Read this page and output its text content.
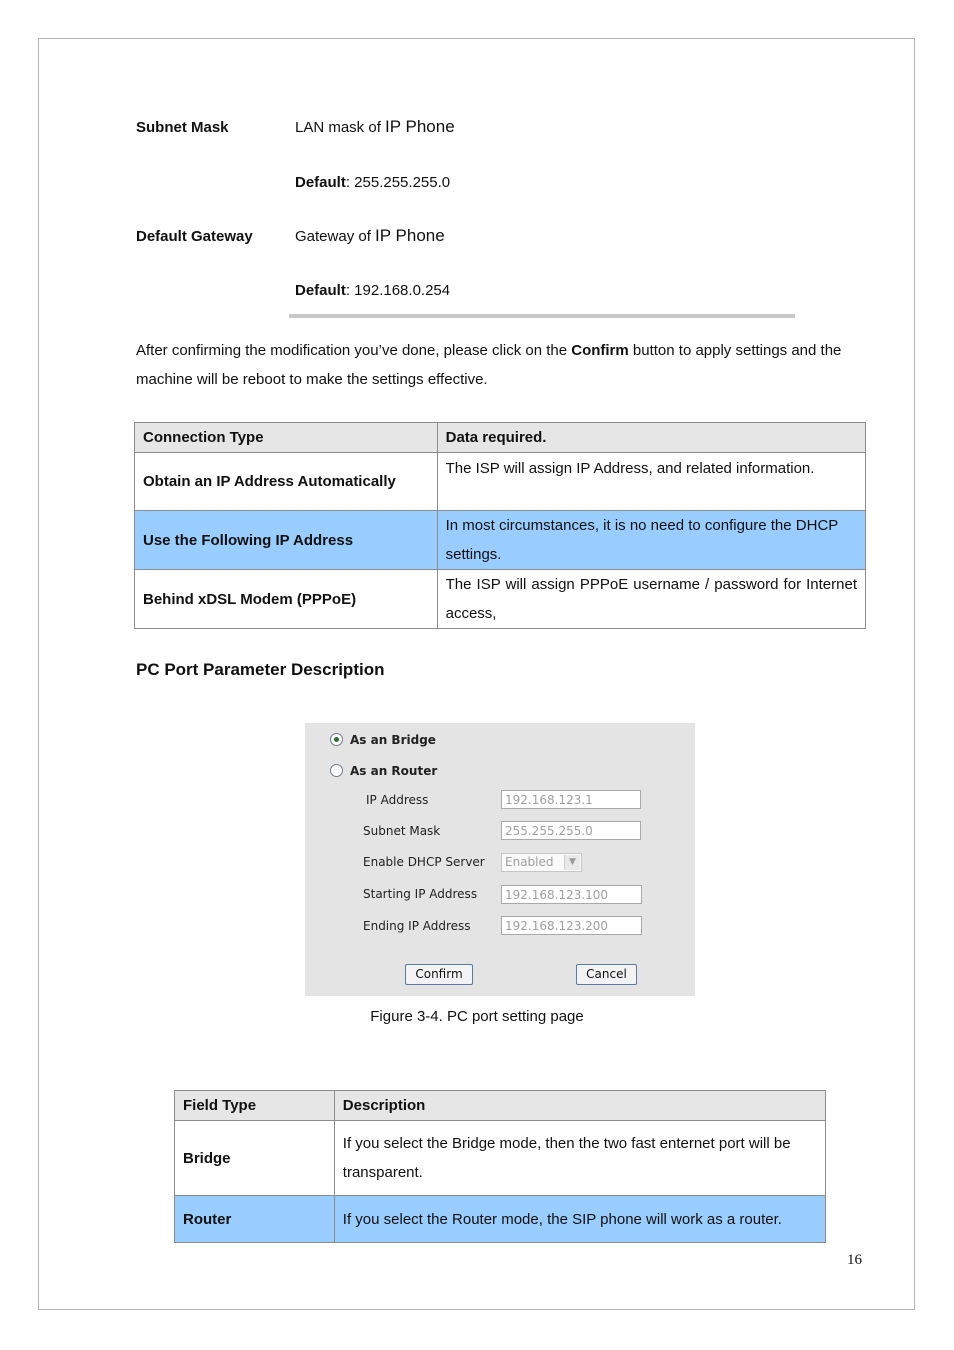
Subnet Mask	LAN mask of IP Phone
Default: 255.255.255.0
Default Gateway	Gateway of IP Phone
Default: 192.168.0.254
After confirming the modification you’ve done, please click on the Confirm button to apply settings and the machine will be reboot to make the settings effective.
Connection Type	Data required.
Obtain an IP Address Automatically	The ISP will assign IP Address, and related information.
Use the Following IP Address	In most circumstances, it is no need to configure the DHCP settings.
Behind xDSL Modem (PPPoE)	The ISP will assign PPPoE username / password for Internet access,
PC Port Parameter Description
As an Bridge
As an Router
IP Address	192.168.123.1
Subnet Mask	255.255.255.0
Enable DHCP Server	Enabled	▼
Starting IP Address	192.168.123.100
Ending IP Address	192.168.123.200
Confirm	Cancel
Figure 3-4. PC port setting page
Field Type	Description
Bridge	If you select the Bridge mode, then the two fast enternet port will be transparent.
Router	If you select the Router mode, the SIP phone will work as a router.
16
